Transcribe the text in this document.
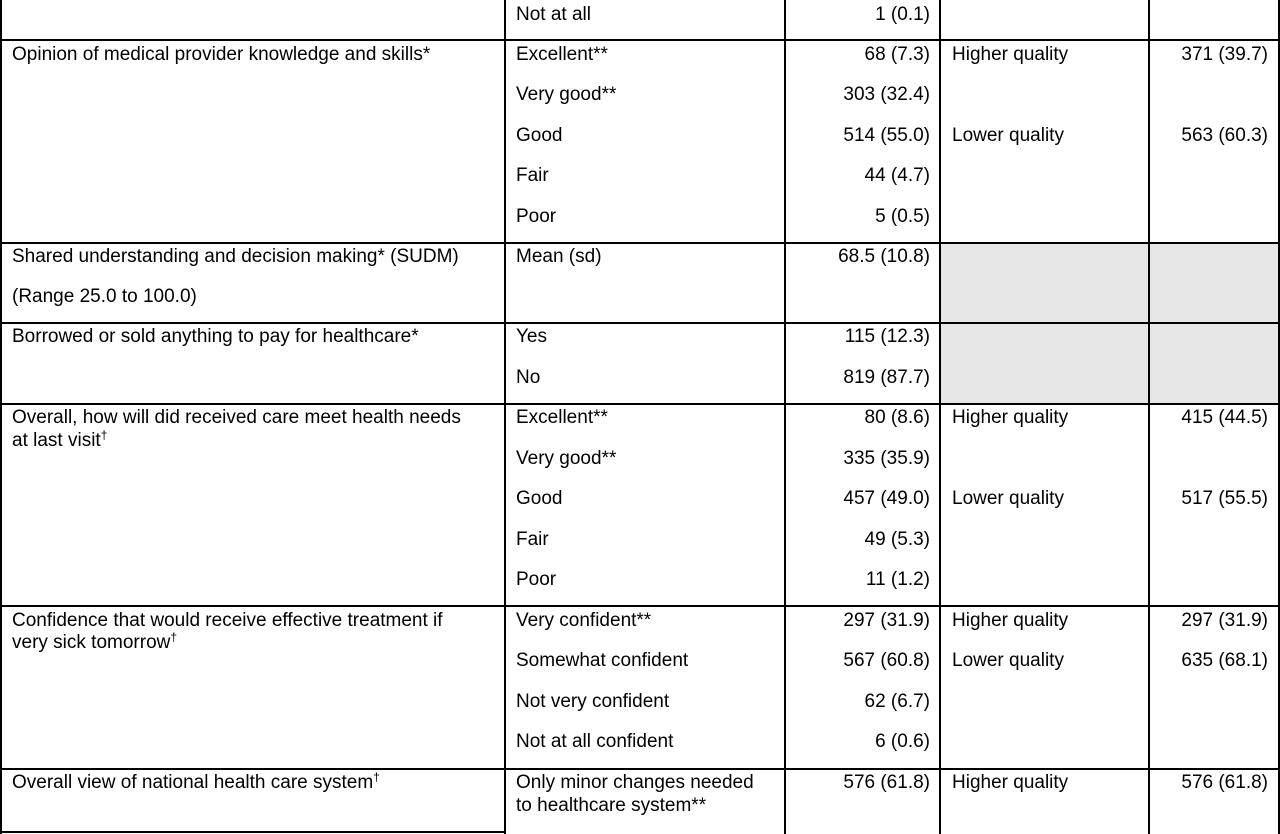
Not at all	1 (0.1)
Opinion of medical provider knowledge and skills*	Excellent**	68 (7.3) Higher quality	371 (39.7)
Very good**	303 (32.4)
Good	514 (55.0) Lower quality	563 (60.3)
Fair	44 (4.7)
Poor	5 (0.5)
Shared understanding and decision making* (SUDM)
(Range 25.0 to 100.0)
Mean (sd)	68.5 (10.8)
Borrowed or sold anything to pay for healthcare*	Yes	115 (12.3)
No	819 (87.7)
Overall, how will did received care meet health needs
at last visit†
Excellent**	80 (8.6) Higher quality	415 (44.5)
Very good**	335 (35.9)
Good	457 (49.0) Lower quality	517 (55.5)
Fair	49 (5.3)
Poor	11 (1.2)
Confidence that would receive effective treatment if
very sick tomorrow†
Very confident**	297 (31.9) Higher quality	297 (31.9)
Somewhat confident	567 (60.8) Lower quality	635 (68.1)
Not very confident	62 (6.7)
Not at all confident	6 (0.6)
Overall view of national health care system†	Only minor changes needed
to healthcare system**
576 (61.8) Higher quality	576 (61.8)
